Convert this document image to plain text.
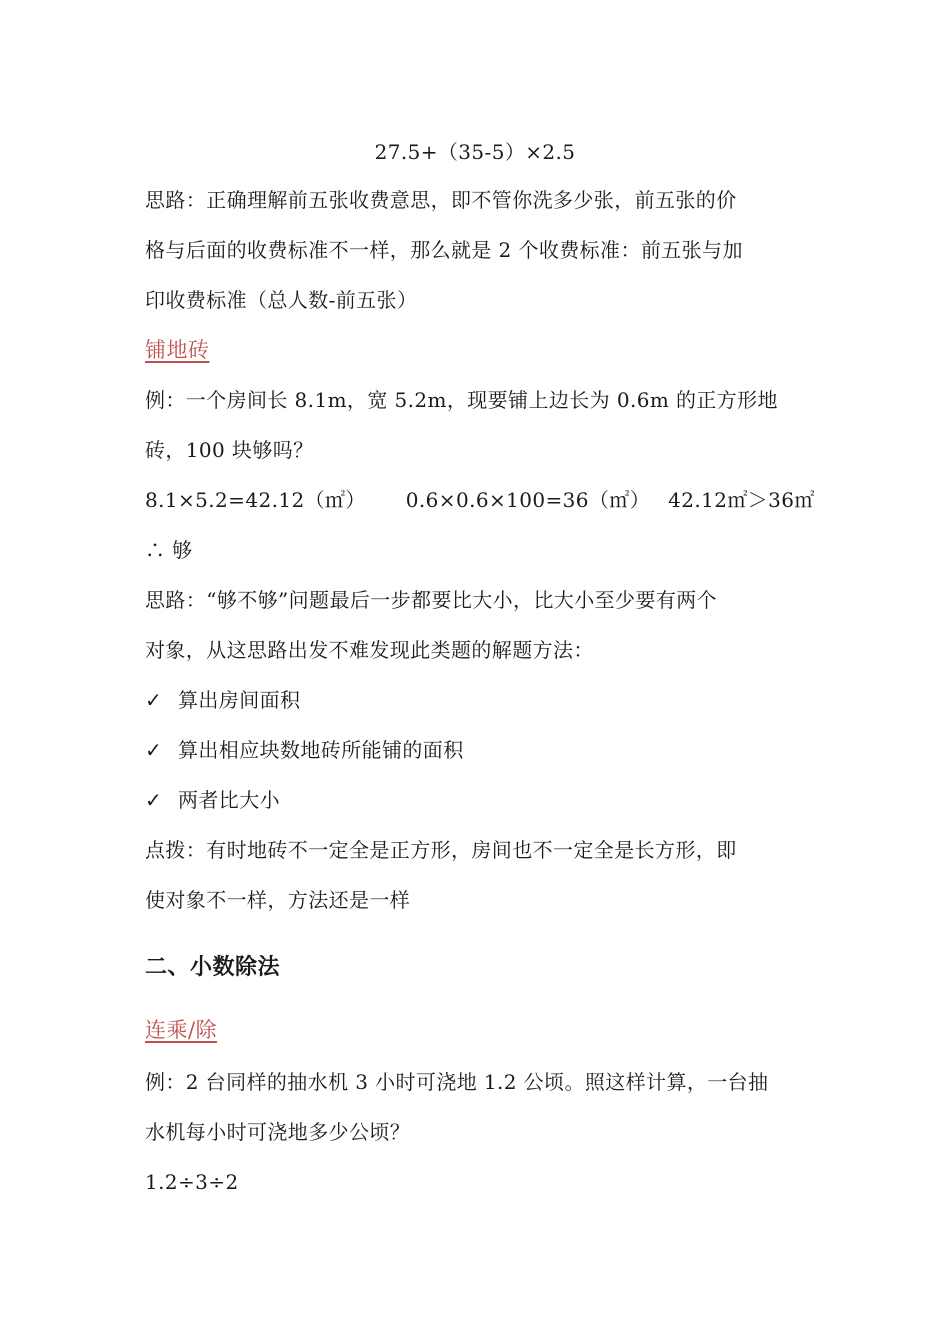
27.5+（35-5）×2.5
思路：正确理解前五张收费意思，即不管你洗多少张，前五张的价
格与后面的收费标准不一样，那么就是 2 个收费标准：前五张与加
印收费标准（总人数-前五张）
铺地砖
例：一个房间长 8.1m，宽 5.2m，现要铺上边长为 0.6m 的正方形地
砖，100 块够吗？
8.1×5.2=42.12（㎡） 0.6×0.6×100=36（㎡） 42.12㎡＞36㎡
∴ 够
思路：“够不够”问题最后一步都要比大小，比大小至少要有两个
对象，从这思路出发不难发现此类题的解题方法：
✓ 算出房间面积
✓ 算出相应块数地砖所能铺的面积
✓ 两者比大小
点拨：有时地砖不一定全是正方形，房间也不一定全是长方形，即
使对象不一样，方法还是一样
二、小数除法
连乘/除
例：2 台同样的抽水机 3 小时可浇地 1.2 公顷。照这样计算，一台抽
水机每小时可浇地多少公顷？
1.2÷3÷2
